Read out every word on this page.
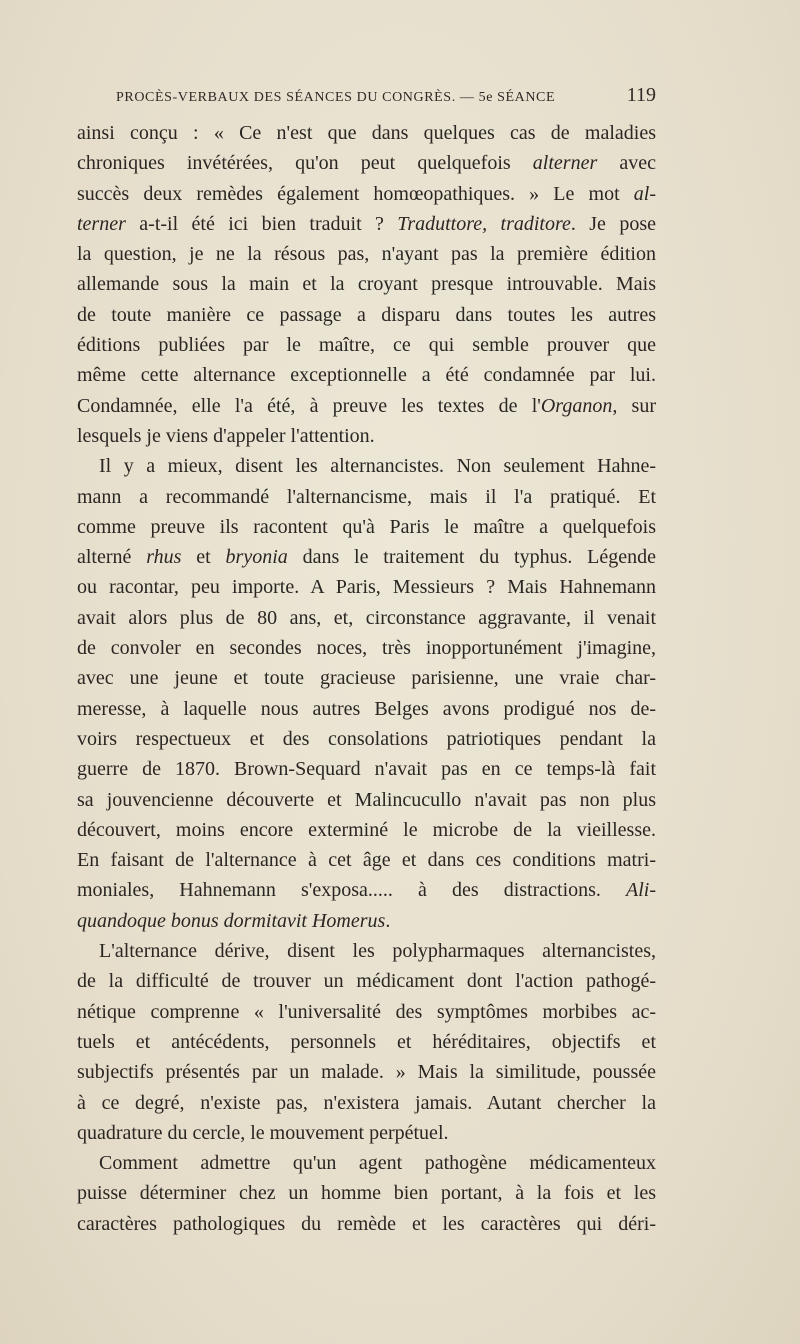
PROCÈS-VERBAUX DES SÉANCES DU CONGRÈS. — 5e SÉANCE	119
ainsi conçu : « Ce n'est que dans quelques cas de maladies
chroniques invétérées, qu'on peut quelquefois alterner avec
succès deux remèdes également homœopathiques. » Le mot al-
terner a-t-il été ici bien traduit ? Traduttore, traditore. Je pose
la question, je ne la résous pas, n'ayant pas la première édition
allemande sous la main et la croyant presque introuvable. Mais
de toute manière ce passage a disparu dans toutes les autres
éditions publiées par le maître, ce qui semble prouver que
même cette alternance exceptionnelle a été condamnée par lui.
Condamnée, elle l'a été, à preuve les textes de l'Organon, sur
lesquels je viens d'appeler l'attention.
Il y a mieux, disent les alternancistes. Non seulement Hahne-
mann a recommandé l'alternancisme, mais il l'a pratiqué. Et
comme preuve ils racontent qu'à Paris le maître a quelquefois
alterné rhus et bryonia dans le traitement du typhus. Légende
ou racontar, peu importe. A Paris, Messieurs ? Mais Hahnemann
avait alors plus de 80 ans, et, circonstance aggravante, il venait
de convoler en secondes noces, très inopportunément j'imagine,
avec une jeune et toute gracieuse parisienne, une vraie char-
meresse, à laquelle nous autres Belges avons prodigué nos de-
voirs respectueux et des consolations patriotiques pendant la
guerre de 1870. Brown-Sequard n'avait pas en ce temps-là fait
sa jouvencienne découverte et Malincucullo n'avait pas non plus
découvert, moins encore exterminé le microbe de la vieillesse.
En faisant de l'alternance à cet âge et dans ces conditions matri-
moniales, Hahnemann s'exposa..... à des distractions. Ali-
quandoque bonus dormitavit Homerus.
L'alternance dérive, disent les polypharmaques alternancistes,
de la difficulté de trouver un médicament dont l'action pathogé-
nétique comprenne « l'universalité des symptômes morbibes ac-
tuels et antécédents, personnels et héréditaires, objectifs et
subjectifs présentés par un malade. » Mais la similitude, poussée
à ce degré, n'existe pas, n'existera jamais. Autant chercher la
quadrature du cercle, le mouvement perpétuel.
Comment admettre qu'un agent pathogène médicamenteux
puisse déterminer chez un homme bien portant, à la fois et les
caractères pathologiques du remède et les caractères qui déri-
